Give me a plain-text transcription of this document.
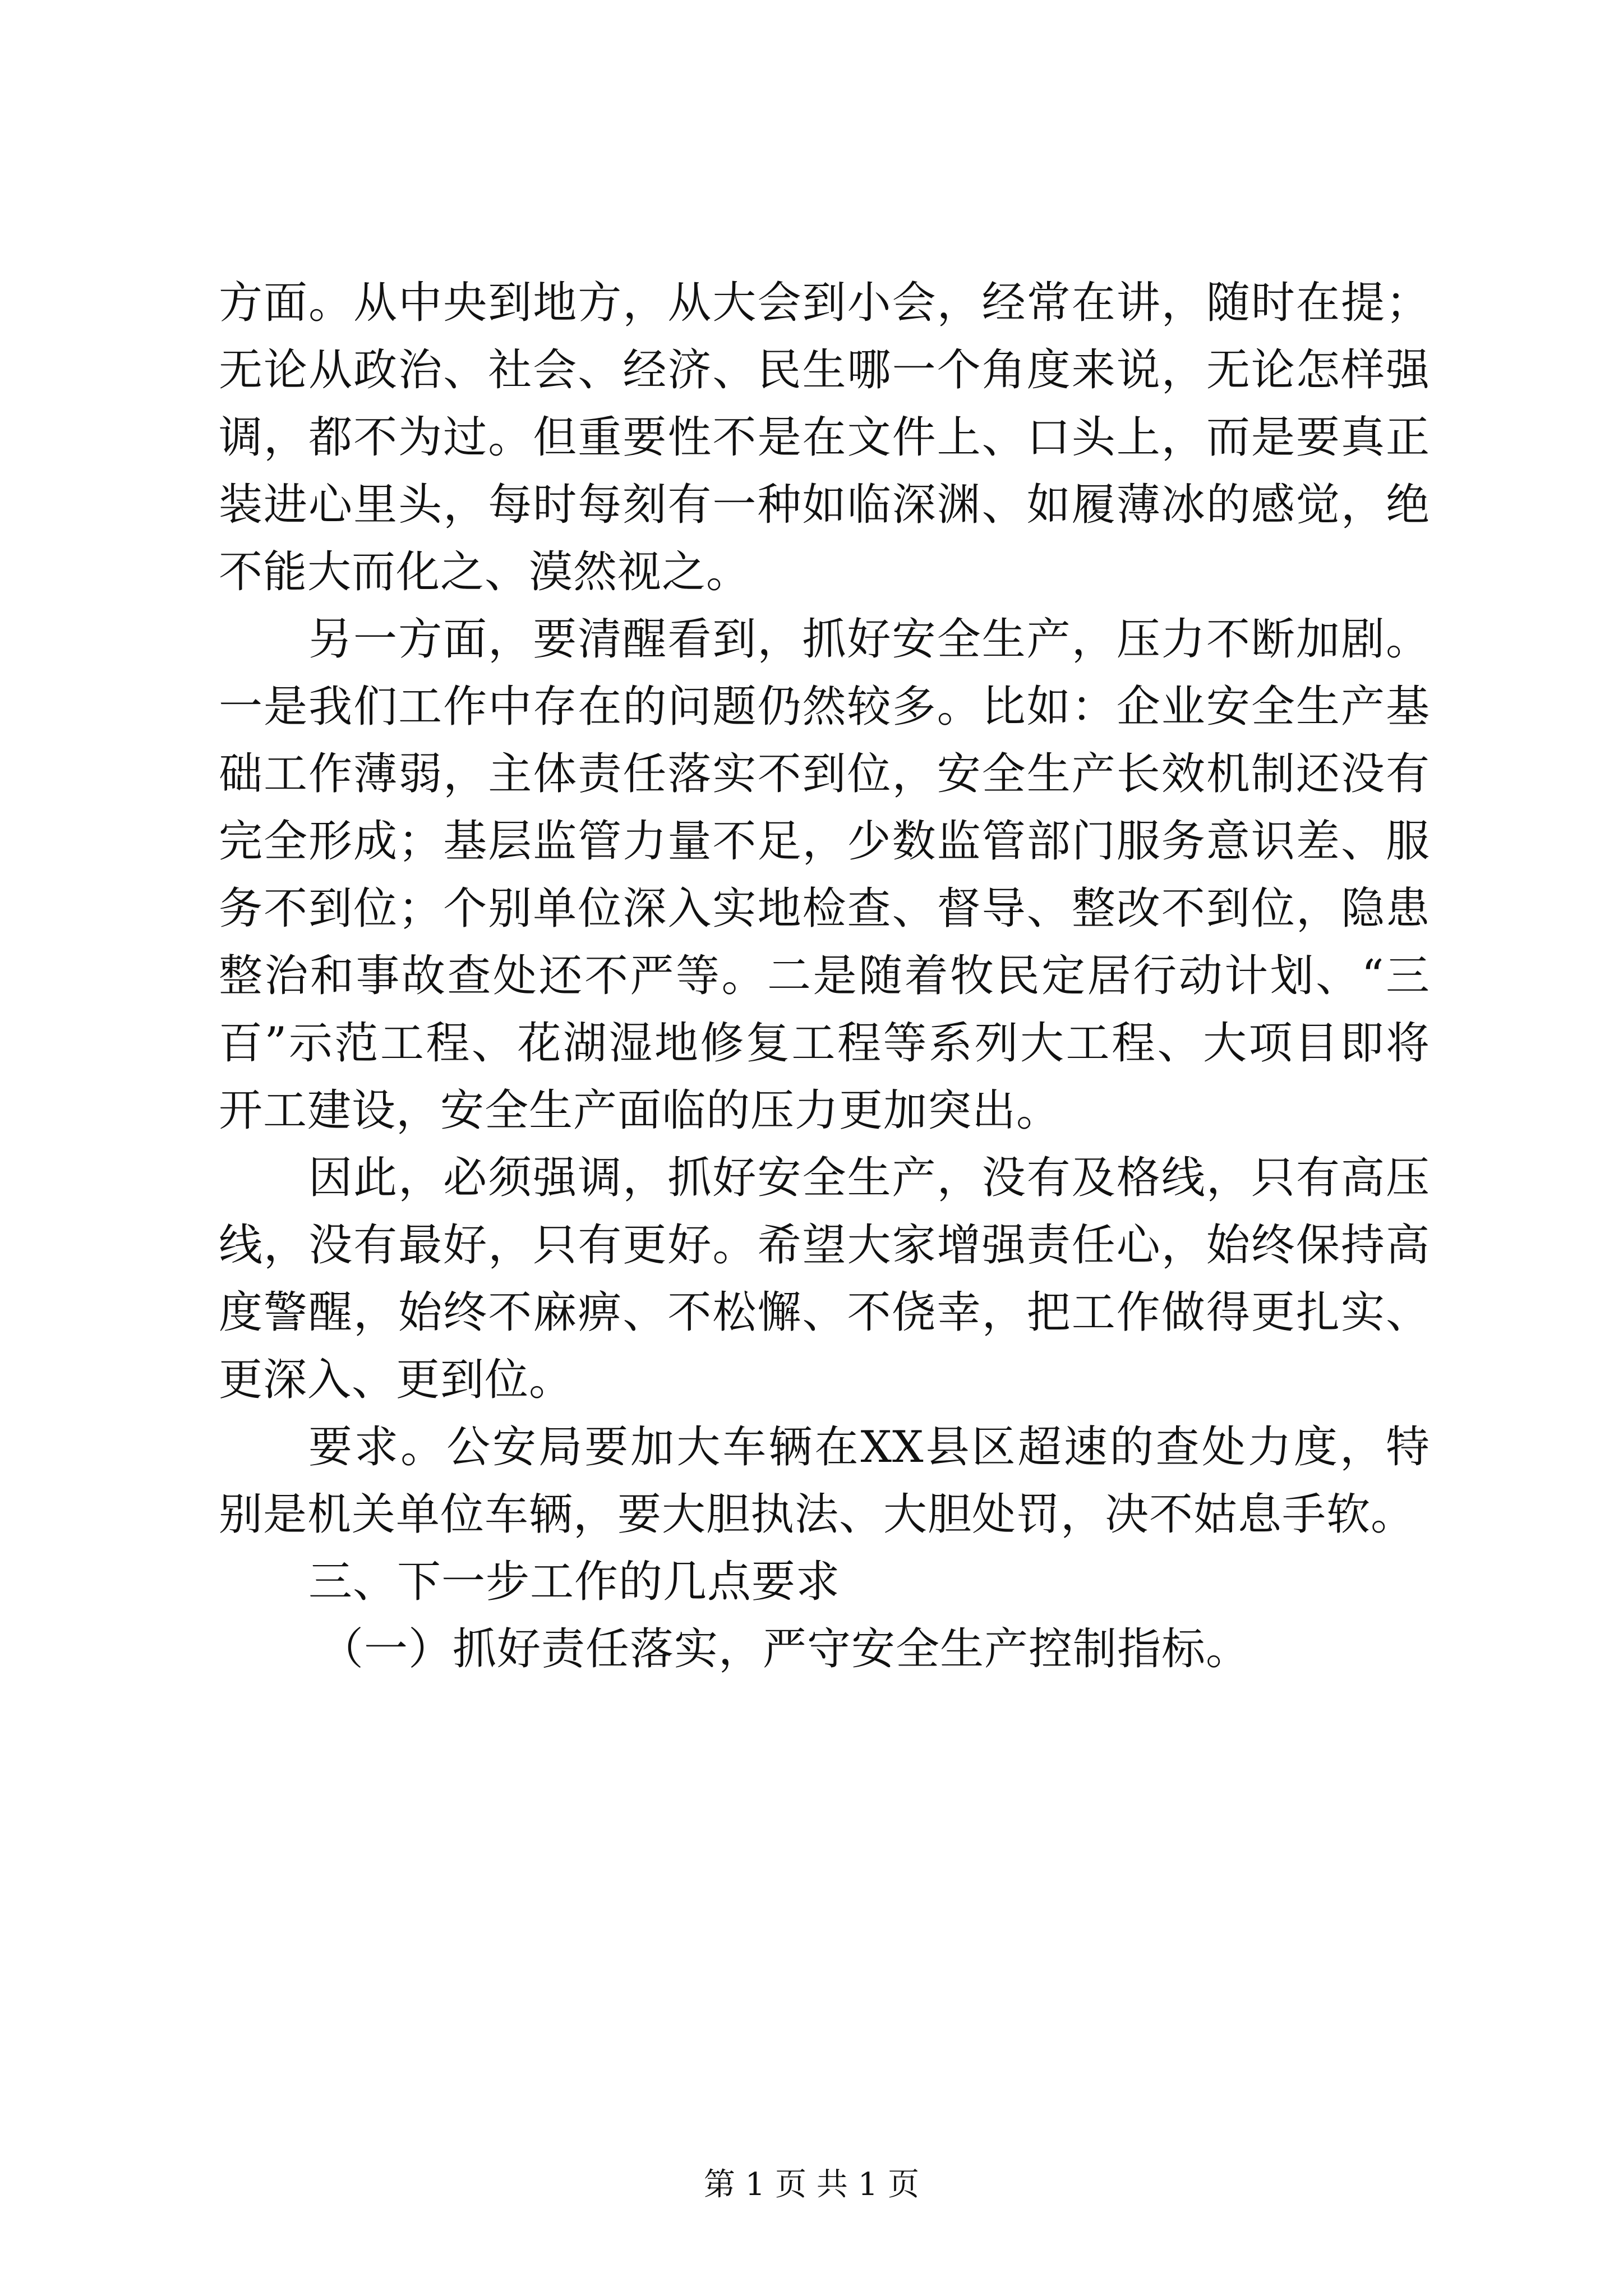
方面。从中央到地方，从大会到小会，经常在讲，随时在提；无论从政治、社会、经济、民生哪一个角度来说，无论怎样强调，都不为过。但重要性不是在文件上、口头上，而是要真正装进心里头，每时每刻有一种如临深渊、如履薄冰的感觉，绝不能大而化之、漠然视之。

另一方面，要清醒看到，抓好安全生产，压力不断加剧。一是我们工作中存在的问题仍然较多。比如：企业安全生产基础工作薄弱，主体责任落实不到位，安全生产长效机制还没有完全形成；基层监管力量不足，少数监管部门服务意识差、服务不到位；个别单位深入实地检查、督导、整改不到位，隐患整治和事故查处还不严等。二是随着牧民定居行动计划、“三百”示范工程、花湖湿地修复工程等系列大工程、大项目即将开工建设，安全生产面临的压力更加突出。

因此，必须强调，抓好安全生产，没有及格线，只有高压线，没有最好，只有更好。希望大家增强责任心，始终保持高度警醒，始终不麻痹、不松懈、不侥幸，把工作做得更扎实、更深入、更到位。

要求。公安局要加大车辆在XX县区超速的查处力度，特别是机关单位车辆，要大胆执法、大胆处罚，决不姑息手软。

三、下一步工作的几点要求

（一）抓好责任落实，严守安全生产控制指标。

第 1 页 共 1 页
